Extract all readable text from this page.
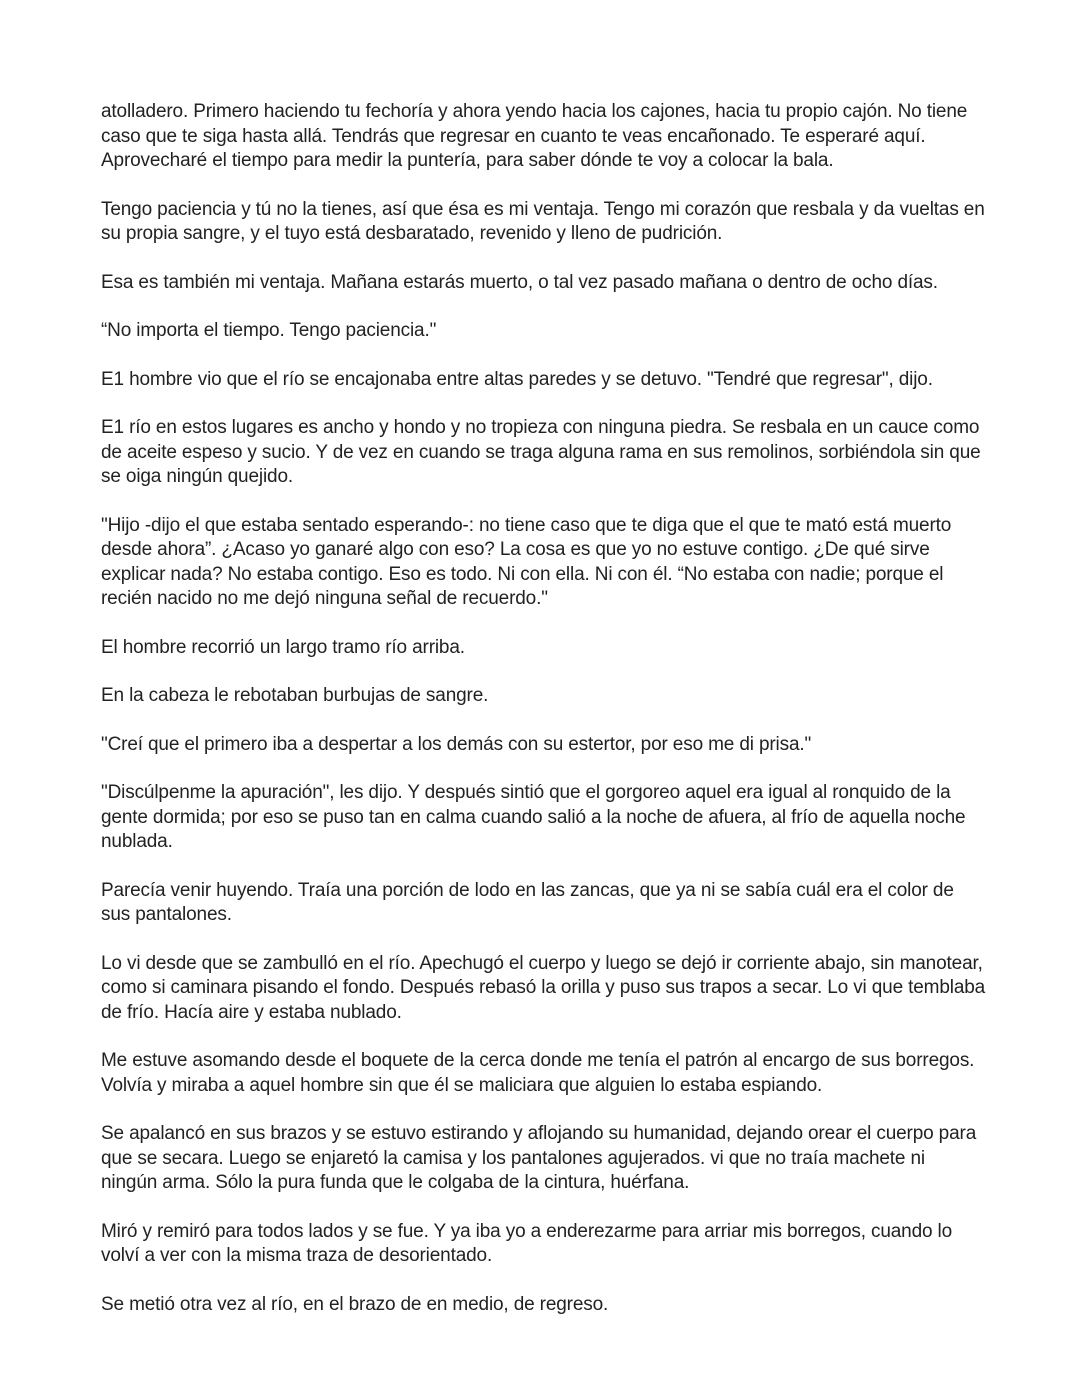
atolladero. Primero haciendo tu fechoría y ahora yendo hacia los cajones, hacia tu propio cajón. No tiene caso que te siga hasta allá. Tendrás que regresar en cuanto te veas encañonado. Te esperaré aquí. Aprovecharé el tiempo para medir la puntería, para saber dónde te voy a colocar la bala.

Tengo paciencia y tú no la tienes, así que ésa es mi ventaja. Tengo mi corazón que resbala y da vueltas en su propia sangre, y el tuyo está desbaratado, revenido y lleno de pudrición.

Esa es también mi ventaja. Mañana estarás muerto, o tal vez pasado mañana o dentro de ocho días.

“No importa el tiempo. Tengo paciencia."

E1 hombre vio que el río se encajonaba entre altas paredes y se detuvo. "Tendré que regresar", dijo.

E1 río en estos lugares es ancho y hondo y no tropieza con ninguna piedra. Se resbala en un cauce como de aceite espeso y sucio. Y de vez en cuando se traga alguna rama en sus remolinos, sorbiéndola sin que se oiga ningún quejido.

"Hijo -dijo el que estaba sentado esperando-: no tiene caso que te diga que el que te mató está muerto desde ahora”. ¿Acaso yo ganaré algo con eso? La cosa es que yo no estuve contigo. ¿De qué sirve explicar nada? No estaba contigo. Eso es todo. Ni con ella. Ni con él. “No estaba con nadie; porque el recién nacido no me dejó ninguna señal de recuerdo."

El hombre recorrió un largo tramo río arriba.

En la cabeza le rebotaban burbujas de sangre.

"Creí que el primero iba a despertar a los demás con su estertor, por eso me di prisa."

"Discúlpenme la apuración", les dijo. Y después sintió que el gorgoreo aquel era igual al ronquido de la gente dormida; por eso se puso tan en calma cuando salió a la noche de afuera, al frío de aquella noche nublada.

Parecía venir huyendo. Traía una porción de lodo en las zancas, que ya ni se sabía cuál era el color de sus pantalones.

Lo vi desde que se zambulló en el río. Apechugó el cuerpo y luego se dejó ir corriente abajo, sin manotear, como si caminara pisando el fondo. Después rebasó la orilla y puso sus trapos a secar. Lo vi que temblaba de frío. Hacía aire y estaba nublado.

Me estuve asomando desde el boquete de la cerca donde me tenía el patrón al encargo de sus borregos. Volvía y miraba a aquel hombre sin que él se maliciara que alguien lo estaba espiando.

Se apalancó en sus brazos y se estuvo estirando y aflojando su humanidad, dejando orear el cuerpo para que se secara. Luego se enjaretó la camisa y los pantalones agujerados. vi que no traía machete ni ningún arma. Sólo la pura funda que le colgaba de la cintura, huérfana.

Miró y remiró para todos lados y se fue. Y ya iba yo a enderezarme para arriar mis borregos, cuando lo volví a ver con la misma traza de desorientado.

Se metió otra vez al río, en el brazo de en medio, de regreso.
